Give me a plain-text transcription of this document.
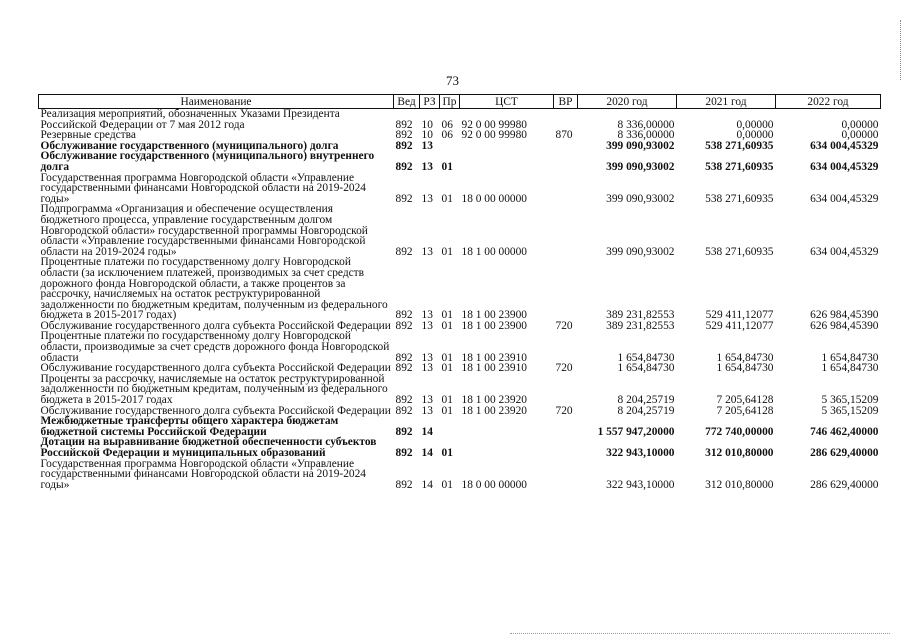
73
Наименование	Вед	РЗ	Пр	ЦСТ	ВР	2020 год	2021 год	2022 год
Реализация мероприятий, обозначенных Указами Президента Российской Федерации от 7 мая 2012 года	892	10	06	92 0 00 99980		8 336,00000	0,00000	0,00000
Резервные средства	892	10	06	92 0 00 99980	870	8 336,00000	0,00000	0,00000
Обслуживание государственного (муниципального) долга	892	13				399 090,93002	538 271,60935	634 004,45329
Обслуживание государственного (муниципального) внутреннего долга	892	13	01			399 090,93002	538 271,60935	634 004,45329
Государственная программа Новгородской области «Управление государственными финансами Новгородской области на 2019-2024 годы»	892	13	01	18 0 00 00000		399 090,93002	538 271,60935	634 004,45329
Подпрограмма «Организация и обеспечение осуществления бюджетного процесса, управление государственным долгом Новгородской области» государственной программы Новгородской области «Управление государственными финансами Новгородской области на 2019-2024 годы»	892	13	01	18 1 00 00000		399 090,93002	538 271,60935	634 004,45329
Процентные платежи по государственному долгу Новгородской области (за исключением платежей, производимых за счет средств дорожного фонда Новгородской области, а также процентов за рассрочку, начисляемых на остаток реструктурированной задолженности по бюджетным кредитам, полученным из федерального бюджета в 2015-2017 годах)	892	13	01	18 1 00 23900		389 231,82553	529 411,12077	626 984,45390
Обслуживание государственного долга субъекта Российской Федерации	892	13	01	18 1 00 23900	720	389 231,82553	529 411,12077	626 984,45390
Процентные платежи по государственному долгу Новгородской области, производимые за счет средств дорожного фонда Новгородской области	892	13	01	18 1 00 23910		1 654,84730	1 654,84730	1 654,84730
Обслуживание государственного долга субъекта Российской Федерации	892	13	01	18 1 00 23910	720	1 654,84730	1 654,84730	1 654,84730
Проценты за рассрочку, начисляемые на остаток реструктурированной задолженности по бюджетным кредитам, полученным из федерального бюджета в 2015-2017 годах	892	13	01	18 1 00 23920		8 204,25719	7 205,64128	5 365,15209
Обслуживание государственного долга субъекта Российской Федерации	892	13	01	18 1 00 23920	720	8 204,25719	7 205,64128	5 365,15209
Межбюджетные трансферты общего характера бюджетам бюджетной системы Российской Федерации	892	14				1 557 947,20000	772 740,00000	746 462,40000
Дотации на выравнивание бюджетной обеспеченности субъектов Российской Федерации и муниципальных образований	892	14	01			322 943,10000	312 010,80000	286 629,40000
Государственная программа Новгородской области «Управление государственными финансами Новгородской области на 2019-2024 годы»	892	14	01	18 0 00 00000		322 943,10000	312 010,80000	286 629,40000
